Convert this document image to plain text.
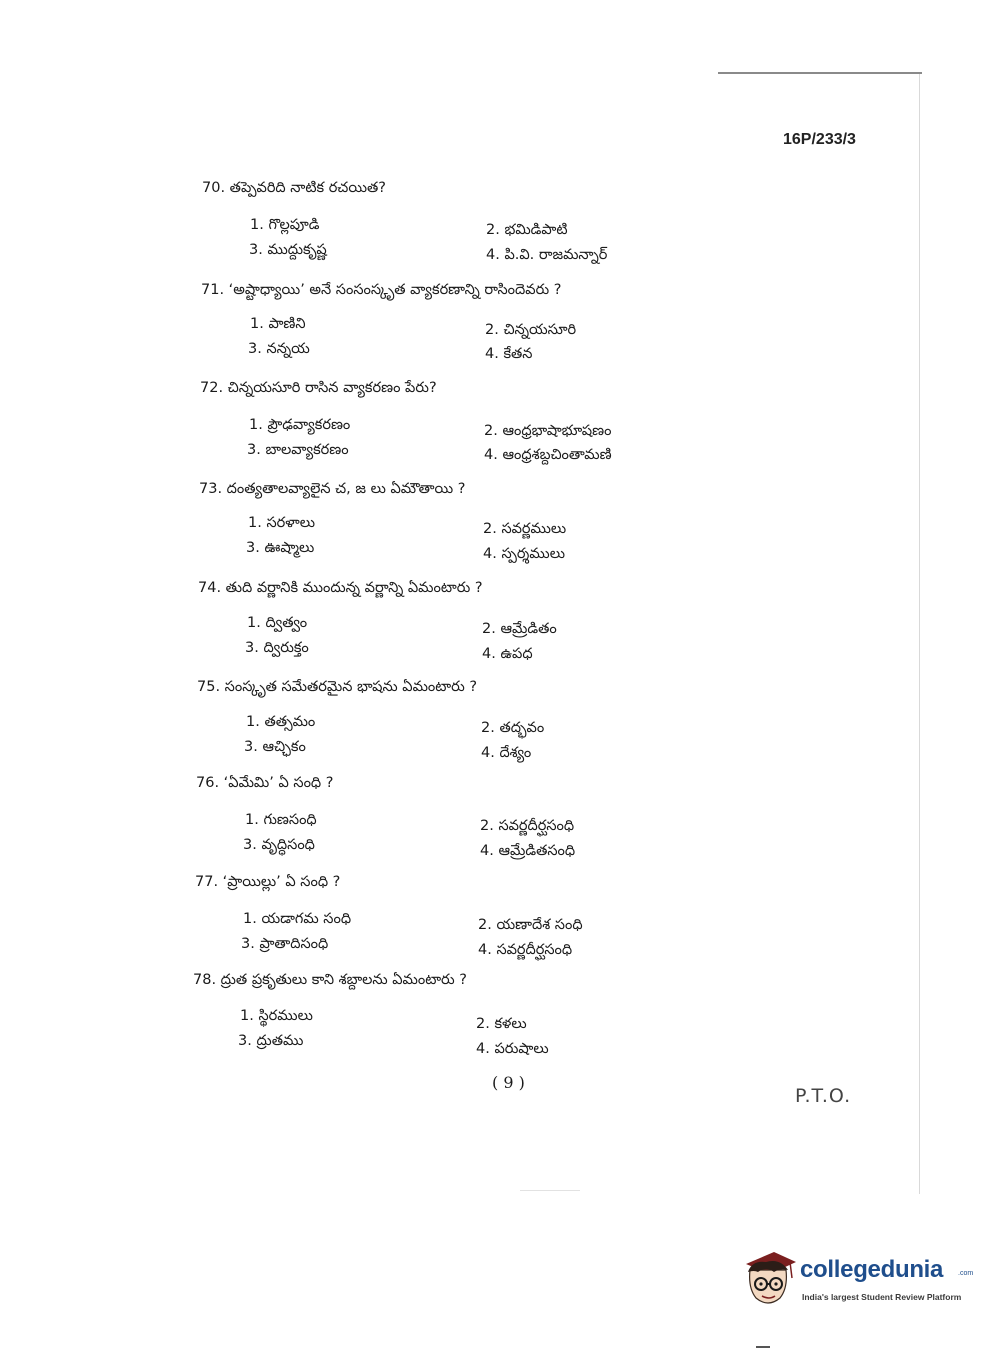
16P/233/3
70. తప్పెవరిది నాటిక రచయిత?
1. గొల్లపూడి	2. భమిడిపాటి
3. ముద్దుకృష్ణ	4. పి.వి. రాజమన్నార్
71. ‘అష్టాధ్యాయి’ అనే సంసంస్కృత వ్యాకరణాన్ని రాసిందెవరు ?
1. పాణిని	2. చిన్నయసూరి
3. నన్నయ	4. కేతన
72. చిన్నయసూరి రాసిన వ్యాకరణం పేరు?
1. ప్రౌఢవ్యాకరణం	2. ఆంధ్రభాషాభూషణం
3. బాలవ్యాకరణం	4. ఆంధ్రశబ్దచింతామణి
73. దంత్యతాలవ్యాలైన చ, జ లు ఏమౌతాయి ?
1. సరళాలు	2. సవర్ణములు
3. ఊష్మాలు	4. స్పర్శములు
74. తుది వర్ణానికి ముందున్న వర్ణాన్ని ఏమంటారు ?
1. ద్విత్వం	2. ఆమ్రేడితం
3. ద్విరుక్తం	4. ఉపధ
75. సంస్కృత సమేతరమైన భాషను ఏమంటారు ?
1. తత్సమం	2. తద్భవం
3. ఆచ్ఛికం	4. దేశ్యం
76. ‘ఏమేమి’ ఏ సంధి ?
1. గుణసంధి	2. సవర్ణదీర్ఘసంధి
3. వృద్ధిసంధి	4. ఆమ్రేడితసంధి
77. ‘ప్రాయిల్లు’ ఏ సంధి ?
1. యడాగమ సంధి	2. యణాదేశ సంధి
3. ప్రాతాదిసంధి	4. సవర్ణదీర్ఘసంధి
78. ద్రుత ప్రకృతులు కాని శబ్దాలను ఏమంటారు ?
1. స్థిరములు	2. కళలు
3. ద్రుతము	4. పరుషాలు
( 9 )
P.T.O.
collegedunia .com
India's largest Student Review Platform
